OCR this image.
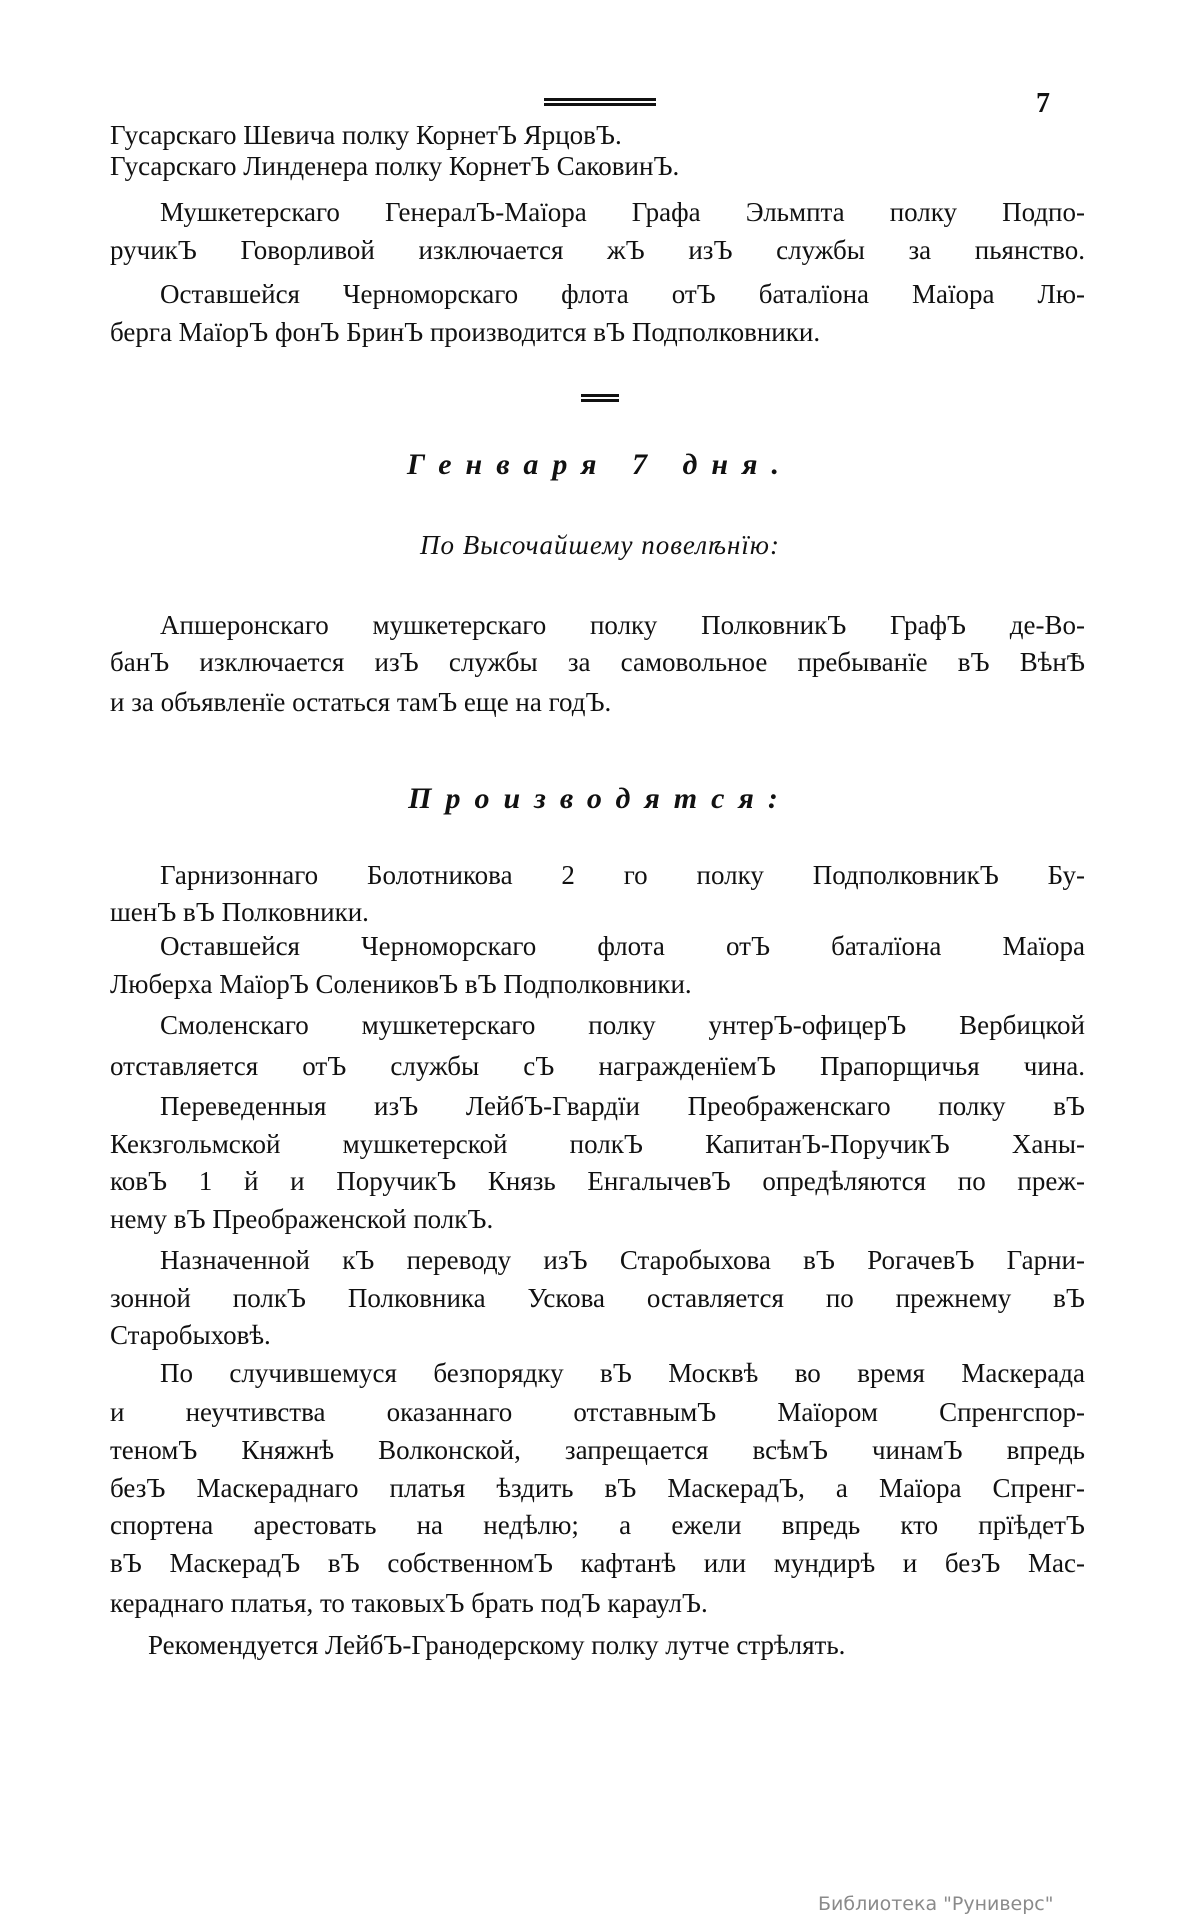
7
Гусарскаго Шевича полку КорнетЪ ЯрцовЪ.
Гусарскаго Линденера полку КорнетЪ СаковинЪ.
Мушкетерскаго ГенералЪ-Маїора Графа Эльмпта полку Подпо-
ручикЪ Говорливой изключается жЪ изЪ службы за пьянство.
Оставшейся Черноморскаго флота отЪ баталїона Маїора Лю-
берга МаїорЪ фонЪ БринЪ производится вЪ Подполковники.
Генваря 7 дня.
По Высочайшему повелѣнїю:
Апшеронскаго мушкетерскаго полку ПолковникЪ ГрафЪ де-Во-
банЪ изключается изЪ службы за самовольное пребыванїе вЪ ВѣнѢ
и за объявленїе остаться тамЪ еще на годЪ.
Производятся:
Гарнизоннаго Болотникова 2 го полку ПодполковникЪ Бу-
шенЪ вЪ Полковники.
Оставшейся Черноморскаго флота отЪ баталїона Маїора
Люберха МаїорЪ СолениковЪ вЪ Подполковники.
Смоленскаго мушкетерскаго полку унтерЪ-офицерЪ Вербицкой
отставляется отЪ службы сЪ награжденїемЪ Прапорщичья чина.
Переведенныя изЪ ЛейбЪ-Гвардїи Преображенскаго полку вЪ
Кекзгольмской мушкетерской полкЪ КапитанЪ-ПоручикЪ Ханы-
ковЪ 1 й и ПоручикЪ Князь ЕнгалычевЪ опредѣляются по преж-
нему вЪ Преображенской полкЪ.
Назначенной кЪ переводу изЪ Старобыхова вЪ РогачевЪ Гарни-
зонной полкЪ Полковника Ускова оставляется по прежнему вЪ
Старобыховѣ.
По случившемуся безпорядку вЪ Москвѣ во время Маскерада
и неучтивства оказаннаго отставнымЪ Маїором Спренгспор-
теномЪ Княжнѣ Волконской, запрещается всѣмЪ чинамЪ впредь
безЪ Маскераднаго платья ѣздить вЪ МаскерадЪ, а Маїора Спренг-
спортена арестовать на недѣлю; а ежели впредь кто прїѣдетЪ
вЪ МаскерадЪ вЪ собственномЪ кафтанѣ или мундирѣ и безЪ Мас-
кераднаго платья, то таковыхЪ брать подЪ караулЪ.
Рекомендуется ЛейбЪ-Гранодерскому полку лутче стрѣлять.
Библиотека "Руниверс"
